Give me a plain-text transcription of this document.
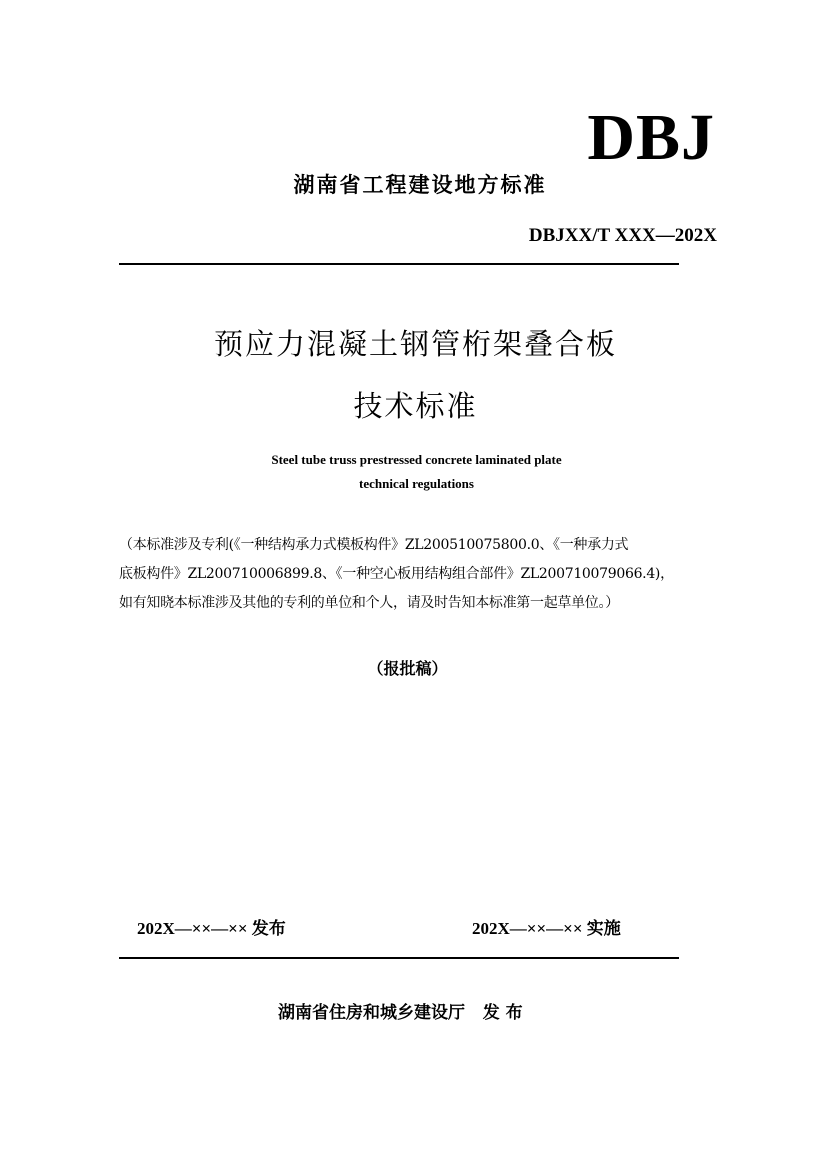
DBJ
湖南省工程建设地方标准
DBJXX/T XXX—202X
预应力混凝土钢管桁架叠合板
技术标准
Steel tube truss prestressed concrete laminated plate
technical regulations
（本标准涉及专利(《一种结构承力式模板构件》ZL200510075800.0、《一种承力式
底板构件》ZL200710006899.8、《一种空心板用结构组合部件》ZL200710079066.4)，
如有知晓本标准涉及其他的专利的单位和个人，请及时告知本标准第一起草单位。）
（报批稿）
202X—××—×× 发布	202X—××—×× 实施
湖南省住房和城乡建设厅   发 布
